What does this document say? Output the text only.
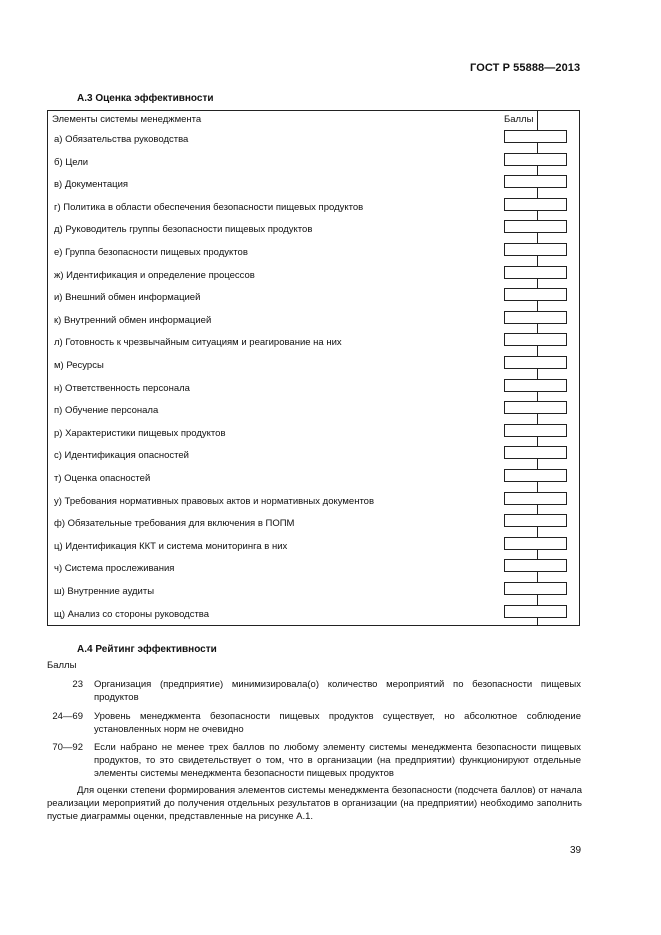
ГОСТ Р 55888—2013
А.3 Оценка эффективности
Элементы системы менеджмента	Баллы
а) Обязательства руководства
б) Цели
в) Документация
г) Политика в области обеспечения безопасности пищевых продуктов
д) Руководитель группы безопасности пищевых продуктов
е) Группа безопасности пищевых продуктов
ж) Идентификация и определение процессов
и) Внешний обмен информацией
к) Внутренний обмен информацией
л) Готовность к чрезвычайным ситуациям и реагирование на них
м) Ресурсы
н) Ответственность персонала
п) Обучение персонала
р) Характеристики пищевых продуктов
с) Идентификация опасностей
т) Оценка опасностей
у) Требования нормативных правовых актов и нормативных документов
ф) Обязательные требования для включения в ПОПМ
ц) Идентификация ККТ и система мониторинга в них
ч) Система прослеживания
ш) Внутренние аудиты
щ) Анализ со стороны руководства
А.4 Рейтинг эффективности
Баллы
23 Организация (предприятие) минимизировала(о) количество мероприятий по безопасности пищевых продуктов
24—69 Уровень менеджмента безопасности пищевых продуктов существует, но абсолютное соблюдение установленных норм не очевидно
70—92 Если набрано не менее трех баллов по любому элементу системы менеджмента безопасности пищевых продуктов, то это свидетельствует о том, что в организации (на предприятии) функционируют отдельные элементы системы менеджмента безопасности пищевых продуктов
Для оценки степени формирования элементов системы менеджмента безопасности (подсчета баллов) от начала реализации мероприятий до получения отдельных результатов в организации (на предприятии) необходимо заполнить пустые диаграммы оценки, представленные на рисунке А.1.
39
